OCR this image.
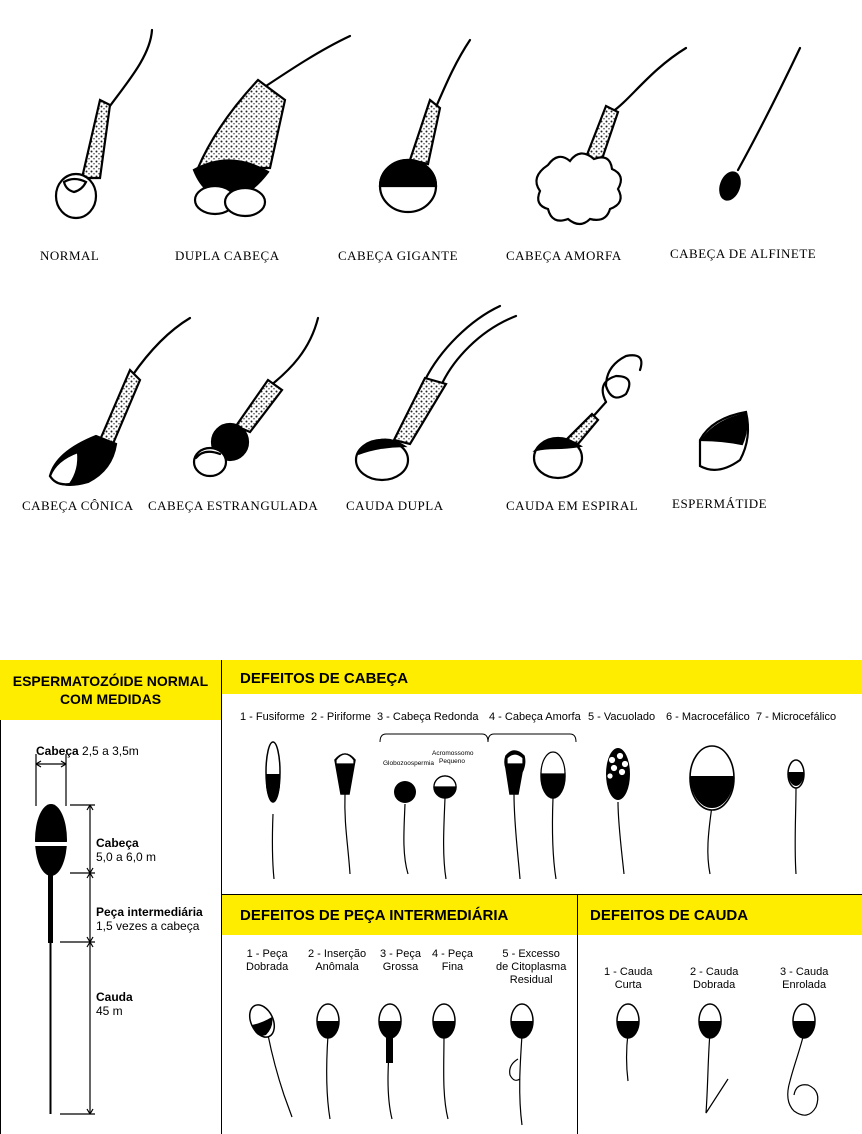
NORMAL	DUPLA CABEÇA	CABEÇA GIGANTE	CABEÇA AMORFA	CABEÇA DE ALFINETE
CABEÇA CÔNICA CABEÇA ESTRANGULADA CAUDA DUPLA	CAUDA EM ESPIRAL	ESPERMÁTIDE
ESPERMATOZÓIDE NORMAL
COM MEDIDAS
DEFEITOS DE CABEÇA
DEFEITOS DE PEÇA INTERMEDIÁRIA	DEFEITOS DE CAUDA
Cabeça 2,5 a 3,5m
Cabeça
5,0 a 6,0 m
Peça intermediária
1,5 vezes a cabeça
Cauda
45 m
1 - Fusiforme 2 - Piriforme 3 - Cabeça Redonda 4 - Cabeça Amorfa 5 - Vacuolado 6 - Macrocefálico 7 - Microcefálico
Globozoospermia
Acromossomo
Pequeno
1 - Peça
Dobrada
2 - Inserção
Anômala
3 - Peça
Grossa
4 - Peça
Fina
5 - Excesso
de Citoplasma
Residual
1 - Cauda
Curta
2 - Cauda
Dobrada
3 - Cauda
Enrolada
